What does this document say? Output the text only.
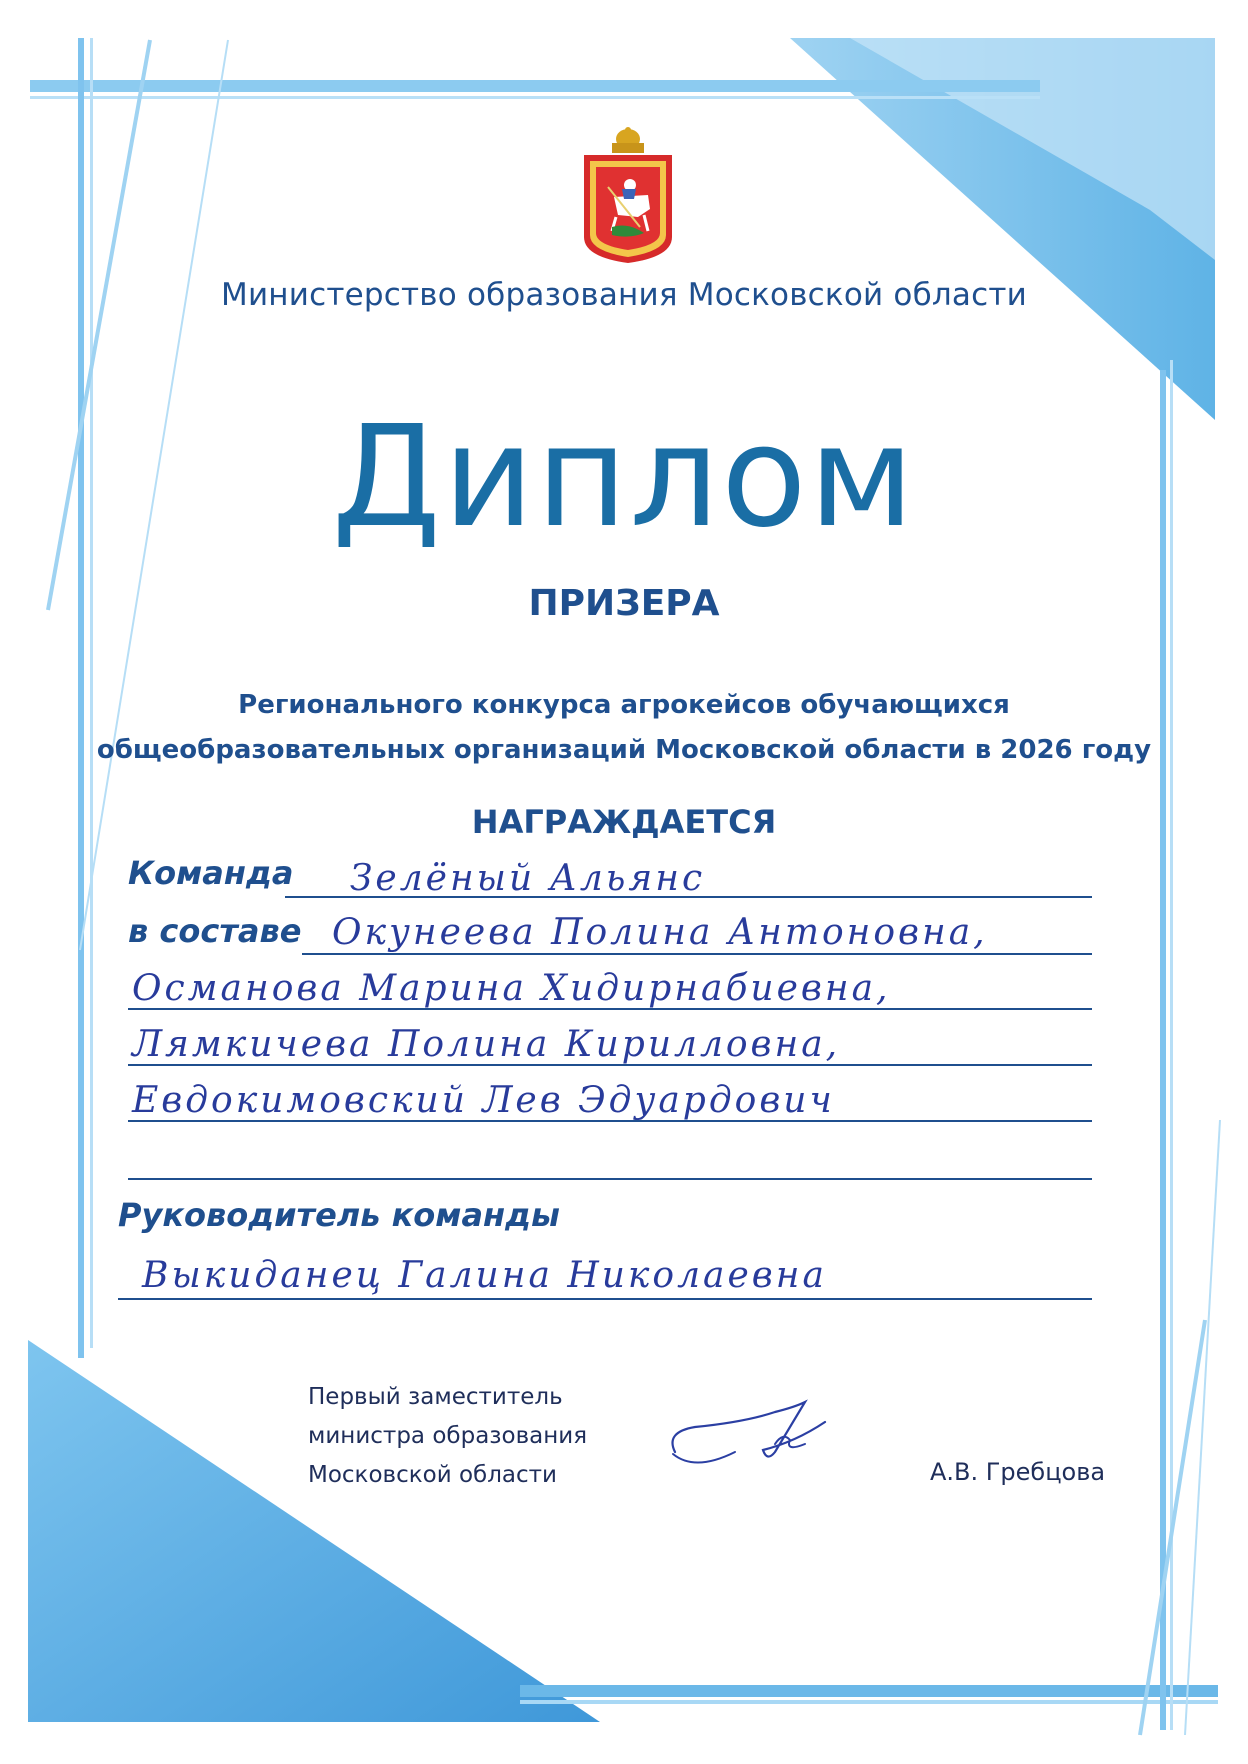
Министерство образования Московской области
Диплом
ПРИЗЕРА
Регионального конкурса агрокейсов обучающихся
общеобразовательных организаций Московской области в 2026 году
НАГРАЖДАЕТСЯ
Команда Зелёный Альянс
в составе Окунеева Полина Антоновна,
Османова Марина Хидирнабиевна,
Лямкичева Полина Кирилловна,
Евдокимовский Лев Эдуардович
Руководитель команды
Выкиданец Галина Николаевна
Первый заместитель
министра образования
Московской области	А.В. Гребцова
